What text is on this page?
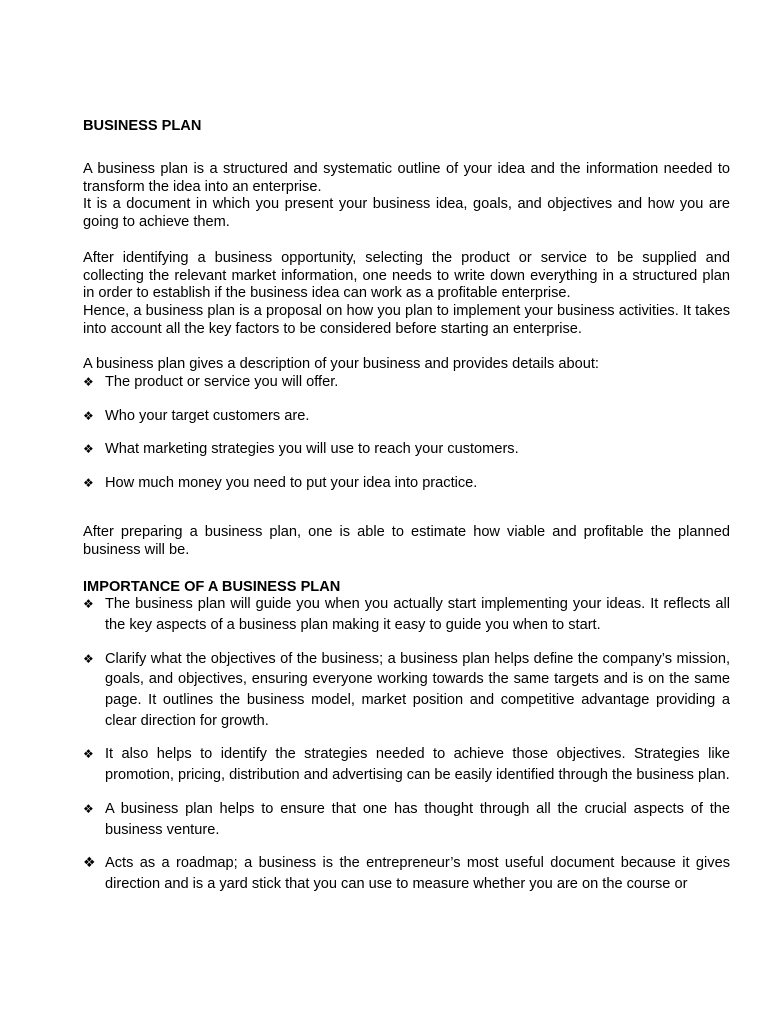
BUSINESS PLAN

A business plan is a structured and systematic outline of your idea and the information needed to transform the idea into an enterprise.

It is a document in which you present your business idea, goals, and objectives and how you are going to achieve them.

After identifying a business opportunity, selecting the product or service to be supplied and collecting the relevant market information, one needs to write down everything in a structured plan in order to establish if the business idea can work as a profitable enterprise.

Hence, a business plan is a proposal on how you plan to implement your business activities. It takes into account all the key factors to be considered before starting an enterprise.

A business plan gives a description of your business and provides details about:

❖ The product or service you will offer.
❖ Who your target customers are.
❖ What marketing strategies you will use to reach your customers.
❖ How much money you need to put your idea into practice.

After preparing a business plan, one is able to estimate how viable and profitable the planned business will be.

IMPORTANCE OF A BUSINESS PLAN

❖ The business plan will guide you when you actually start implementing your ideas. It reflects all the key aspects of a business plan making it easy to guide you when to start.
❖ Clarify what the objectives of the business; a business plan helps define the company’s mission, goals, and objectives, ensuring everyone working towards the same targets and is on the same page. It outlines the business model, market position and competitive advantage providing a clear direction for growth.
❖ It also helps to identify the strategies needed to achieve those objectives. Strategies like promotion, pricing, distribution and advertising can be easily identified through the business plan.
❖ A business plan helps to ensure that one has thought through all the crucial aspects of the business venture.
❖ Acts as a roadmap; a business is the entrepreneur’s most useful document because it gives direction and is a yard stick that you can use to measure whether you are on the course or
